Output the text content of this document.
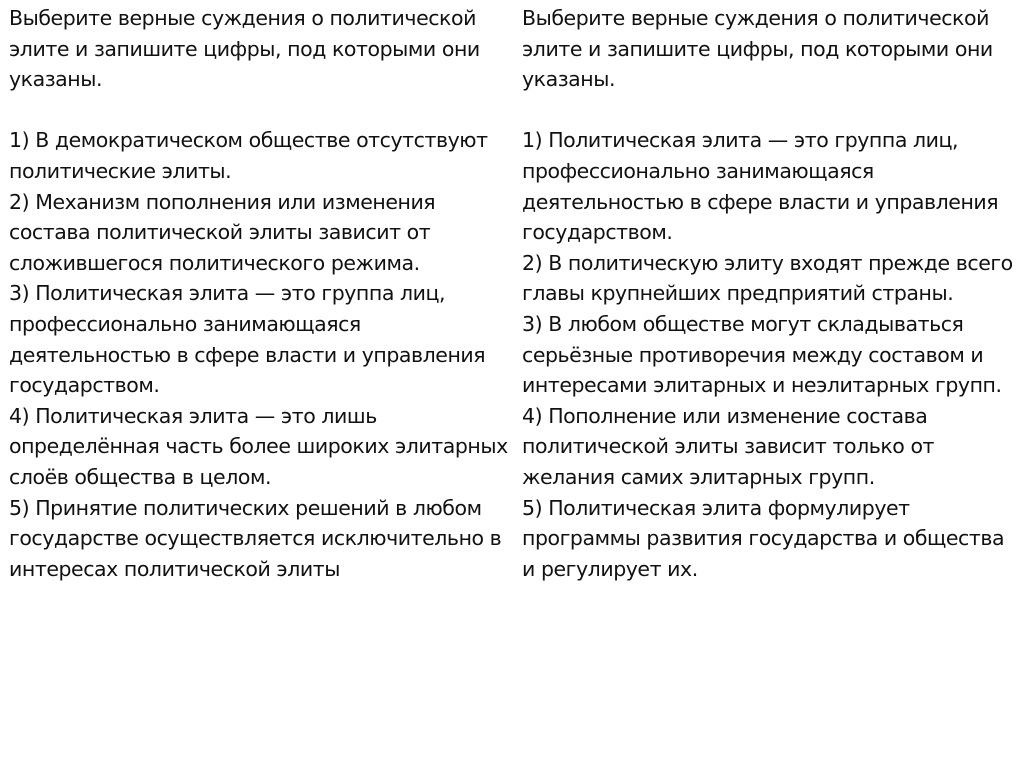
Выберите верные суждения о политической элите и запишите цифры, под которыми они указаны.

1) В демократическом обществе отсутствуют политические элиты.
2) Механизм пополнения или изменения состава политической элиты зависит от сложившегося политического режима.
3) Политическая элита — это группа лиц, профессионально занимающаяся деятельностью в сфере власти и управления государством.
4) Политическая элита — это лишь определённая часть более широких элитарных слоёв общества в целом.
5) Принятие политических решений в любом государстве осуществляется исключительно в интересах политической элиты

Выберите верные суждения о политической элите и запишите цифры, под которыми они указаны.

1) Политическая элита — это группа лиц, профессионально занимающаяся деятельностью в сфере власти и управления государством.
2) В политическую элиту входят прежде всего главы крупнейших предприятий страны.
3) В любом обществе могут складываться серьёзные противоречия между составом и интересами элитарных и неэлитарных групп.
4) Пополнение или изменение состава политической элиты зависит только от желания самих элитарных групп.
5) Политическая элита формулирует программы развития государства и общества и регулирует их.
